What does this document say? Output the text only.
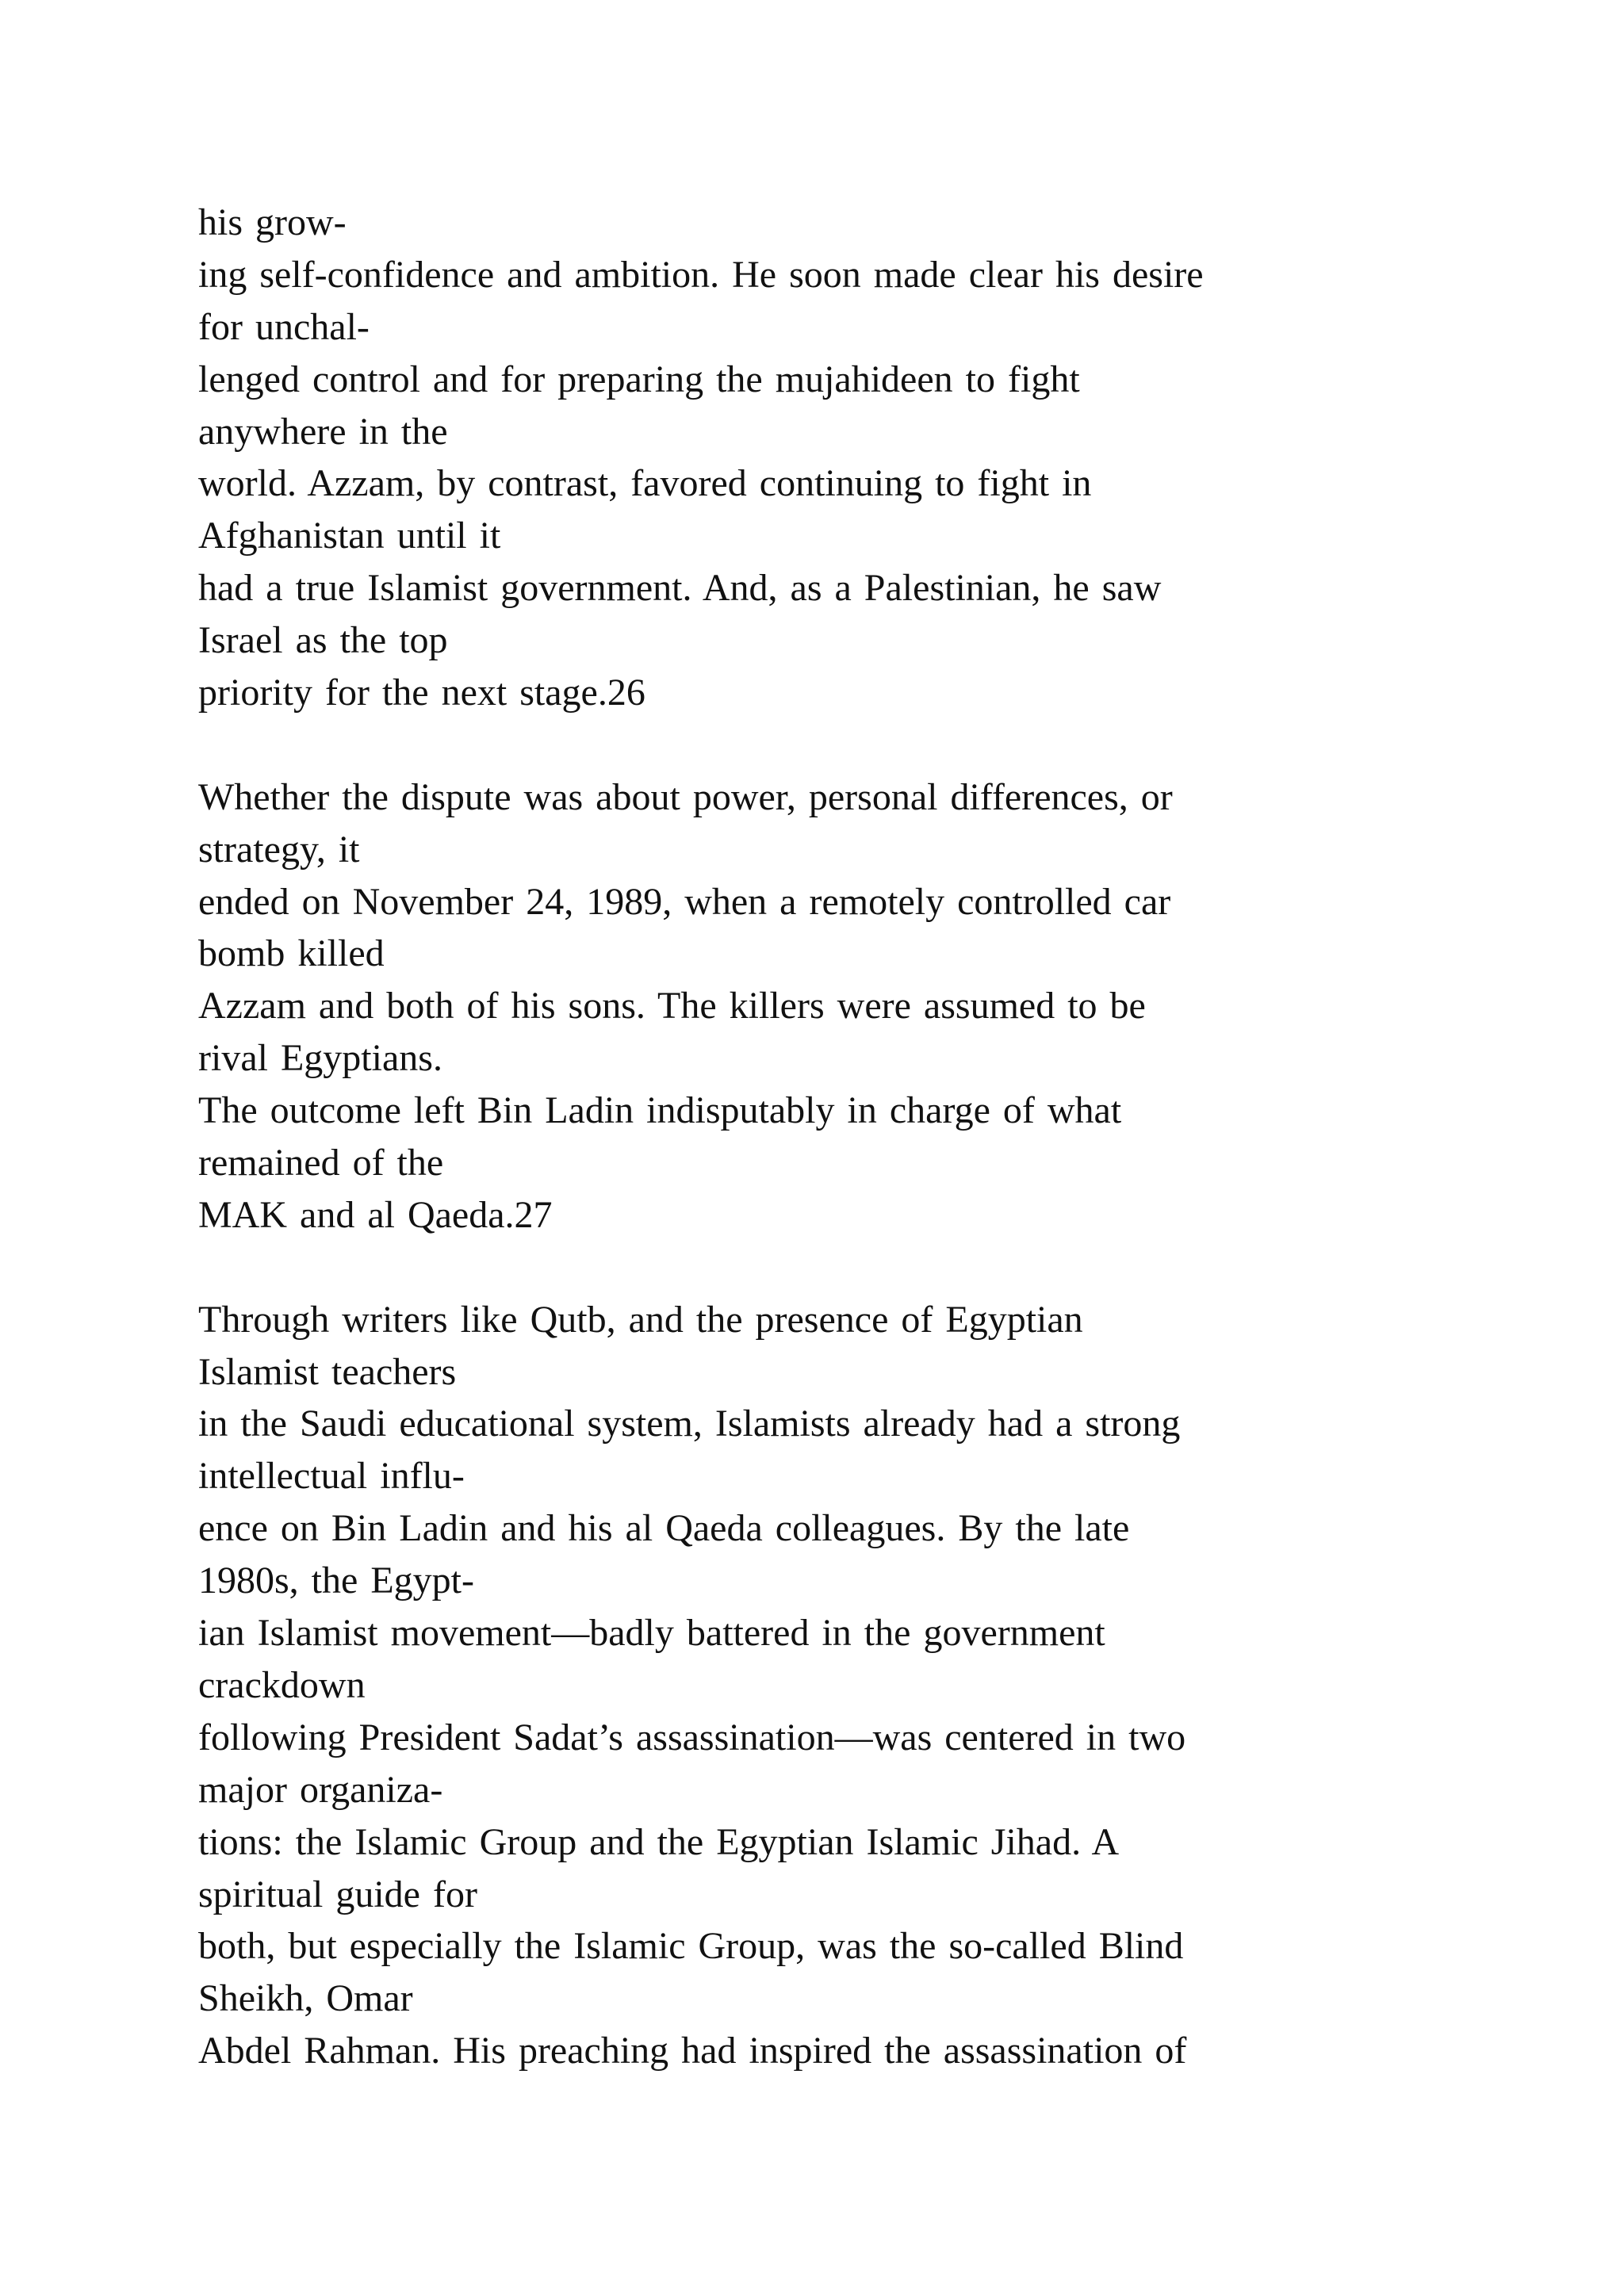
his grow-
ing self-confidence and ambition. He soon made clear his desire
for unchal-
lenged control and for preparing the mujahideen to fight
anywhere in the
world. Azzam, by contrast, favored continuing to fight in
Afghanistan until it
had a true Islamist government. And, as a Palestinian, he saw
Israel as the top
priority for the next stage.26
Whether the dispute was about power, personal differences, or
strategy, it
ended on November 24, 1989, when a remotely controlled car
bomb killed
Azzam and both of his sons. The killers were assumed to be
rival Egyptians.
The outcome left Bin Ladin indisputably in charge of what
remained of the
MAK and al Qaeda.27
Through writers like Qutb, and the presence of Egyptian
Islamist teachers
in the Saudi educational system, Islamists already had a strong
intellectual influ-
ence on Bin Ladin and his al Qaeda colleagues. By the late
1980s, the Egypt-
ian Islamist movement—badly battered in the government
crackdown
following President Sadat’s assassination—was centered in two
major organiza-
tions: the Islamic Group and the Egyptian Islamic Jihad. A
spiritual guide for
both, but especially the Islamic Group, was the so-called Blind
Sheikh, Omar
Abdel Rahman. His preaching had inspired the assassination of
